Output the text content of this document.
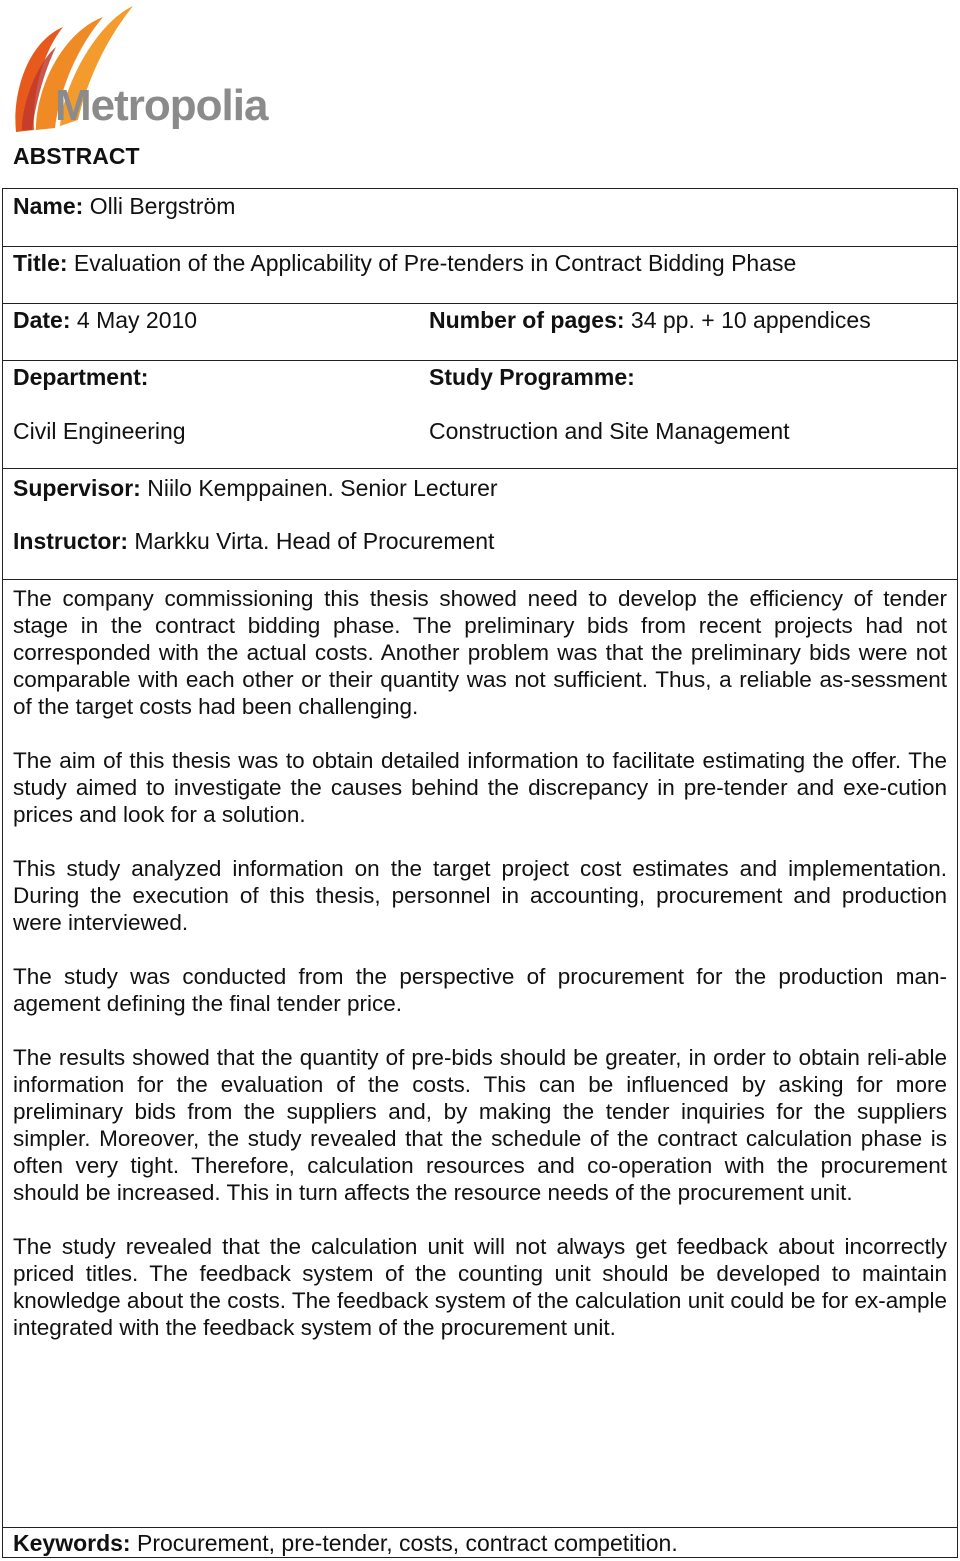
Metropolia
ABSTRACT
Name: Olli Bergström
Title: Evaluation of the Applicability of Pre-tenders in Contract Bidding Phase
Date: 4 May 2010	Number of pages: 34 pp. + 10 appendices
Department:
Civil Engineering
Study Programme:
Construction and Site Management
Supervisor: Niilo Kemppainen. Senior Lecturer
Instructor: Markku Virta. Head of Procurement

The company commissioning this thesis showed need to develop the efficiency of tender stage in the contract bidding phase. The preliminary bids from recent projects had not corresponded with the actual costs. Another problem was that the preliminary bids were not comparable with each other or their quantity was not sufficient. Thus, a reliable as-sessment of the target costs had been challenging.

The aim of this thesis was to obtain detailed information to facilitate estimating the offer. The study aimed to investigate the causes behind the discrepancy in pre-tender and exe-cution prices and look for a solution.

This study analyzed information on the target project cost estimates and implementation. During the execution of this thesis, personnel in accounting, procurement and production were interviewed.

The study was conducted from the perspective of procurement for the production man-agement defining the final tender price.

The results showed that the quantity of pre-bids should be greater, in order to obtain reli-able information for the evaluation of the costs. This can be influenced by asking for more preliminary bids from the suppliers and, by making the tender inquiries for the suppliers simpler. Moreover, the study revealed that the schedule of the contract calculation phase is often very tight. Therefore, calculation resources and co-operation with the procurement should be increased. This in turn affects the resource needs of the procurement unit.

The study revealed that the calculation unit will not always get feedback about incorrectly priced titles. The feedback system of the counting unit should be developed to maintain knowledge about the costs. The feedback system of the calculation unit could be for ex-ample integrated with the feedback system of the procurement unit.

Keywords: Procurement, pre-tender, costs, contract competition.
